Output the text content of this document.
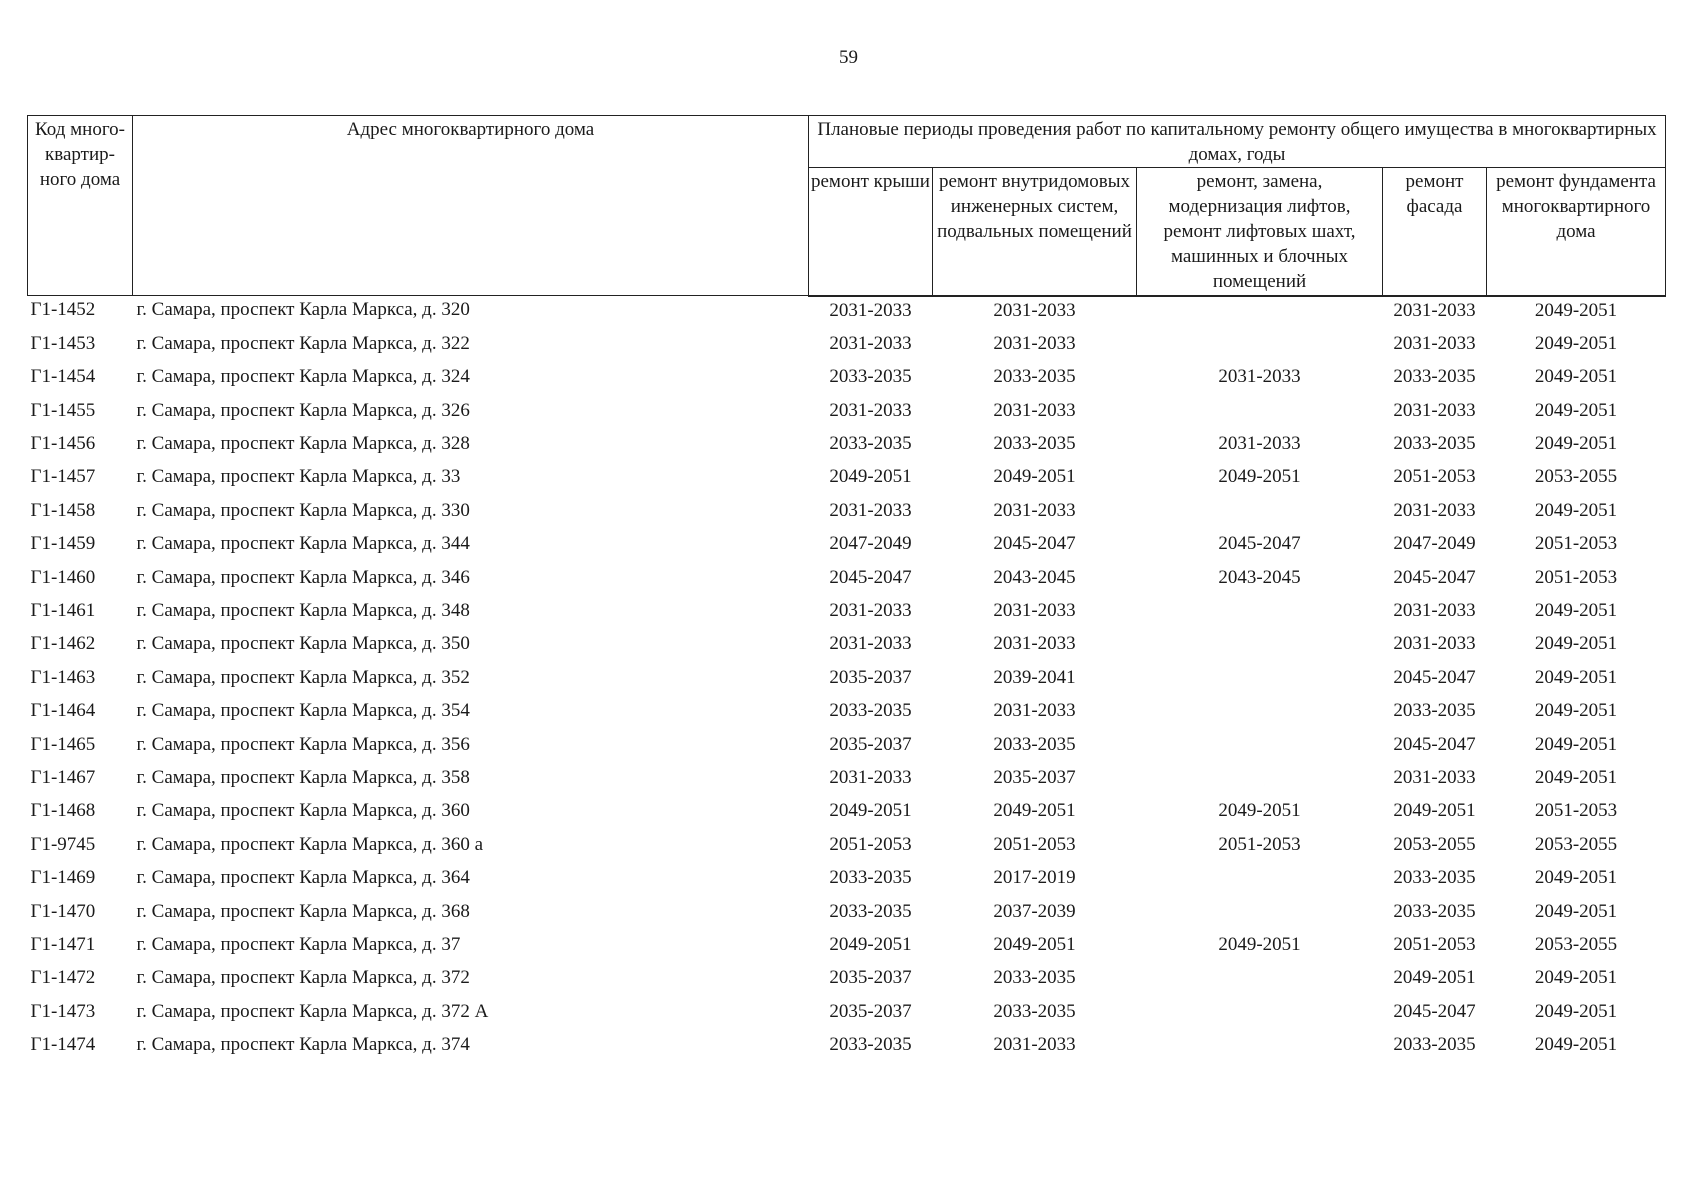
59
Код много-квартир-ного дома	Адрес многоквартирного дома	Плановые периоды проведения работ по капитальному ремонту общего имущества в многоквартирных домах, годы				
		ремонт крыши	ремонт внутридомовых инженерных систем, подвальных помещений	ремонт, замена, модернизация лифтов, ремонт лифтовых шахт, машинных и блочных помещений	ремонт фасада	ремонт фундамента многоквартирного дома
Г1-1452	г. Самара, проспект Карла Маркса, д. 320	2031-2033	2031-2033		2031-2033	2049-2051
Г1-1453	г. Самара, проспект Карла Маркса, д. 322	2031-2033	2031-2033		2031-2033	2049-2051
Г1-1454	г. Самара, проспект Карла Маркса, д. 324	2033-2035	2033-2035	2031-2033	2033-2035	2049-2051
Г1-1455	г. Самара, проспект Карла Маркса, д. 326	2031-2033	2031-2033		2031-2033	2049-2051
Г1-1456	г. Самара, проспект Карла Маркса, д. 328	2033-2035	2033-2035	2031-2033	2033-2035	2049-2051
Г1-1457	г. Самара, проспект Карла Маркса, д. 33	2049-2051	2049-2051	2049-2051	2051-2053	2053-2055
Г1-1458	г. Самара, проспект Карла Маркса, д. 330	2031-2033	2031-2033		2031-2033	2049-2051
Г1-1459	г. Самара, проспект Карла Маркса, д. 344	2047-2049	2045-2047	2045-2047	2047-2049	2051-2053
Г1-1460	г. Самара, проспект Карла Маркса, д. 346	2045-2047	2043-2045	2043-2045	2045-2047	2051-2053
Г1-1461	г. Самара, проспект Карла Маркса, д. 348	2031-2033	2031-2033		2031-2033	2049-2051
Г1-1462	г. Самара, проспект Карла Маркса, д. 350	2031-2033	2031-2033		2031-2033	2049-2051
Г1-1463	г. Самара, проспект Карла Маркса, д. 352	2035-2037	2039-2041		2045-2047	2049-2051
Г1-1464	г. Самара, проспект Карла Маркса, д. 354	2033-2035	2031-2033		2033-2035	2049-2051
Г1-1465	г. Самара, проспект Карла Маркса, д. 356	2035-2037	2033-2035		2045-2047	2049-2051
Г1-1467	г. Самара, проспект Карла Маркса, д. 358	2031-2033	2035-2037		2031-2033	2049-2051
Г1-1468	г. Самара, проспект Карла Маркса, д. 360	2049-2051	2049-2051	2049-2051	2049-2051	2051-2053
Г1-9745	г. Самара, проспект Карла Маркса, д. 360 а	2051-2053	2051-2053	2051-2053	2053-2055	2053-2055
Г1-1469	г. Самара, проспект Карла Маркса, д. 364	2033-2035	2017-2019		2033-2035	2049-2051
Г1-1470	г. Самара, проспект Карла Маркса, д. 368	2033-2035	2037-2039		2033-2035	2049-2051
Г1-1471	г. Самара, проспект Карла Маркса, д. 37	2049-2051	2049-2051	2049-2051	2051-2053	2053-2055
Г1-1472	г. Самара, проспект Карла Маркса, д. 372	2035-2037	2033-2035		2049-2051	2049-2051
Г1-1473	г. Самара, проспект Карла Маркса, д. 372 А	2035-2037	2033-2035		2045-2047	2049-2051
Г1-1474	г. Самара, проспект Карла Маркса, д. 374	2033-2035	2031-2033		2033-2035	2049-2051
